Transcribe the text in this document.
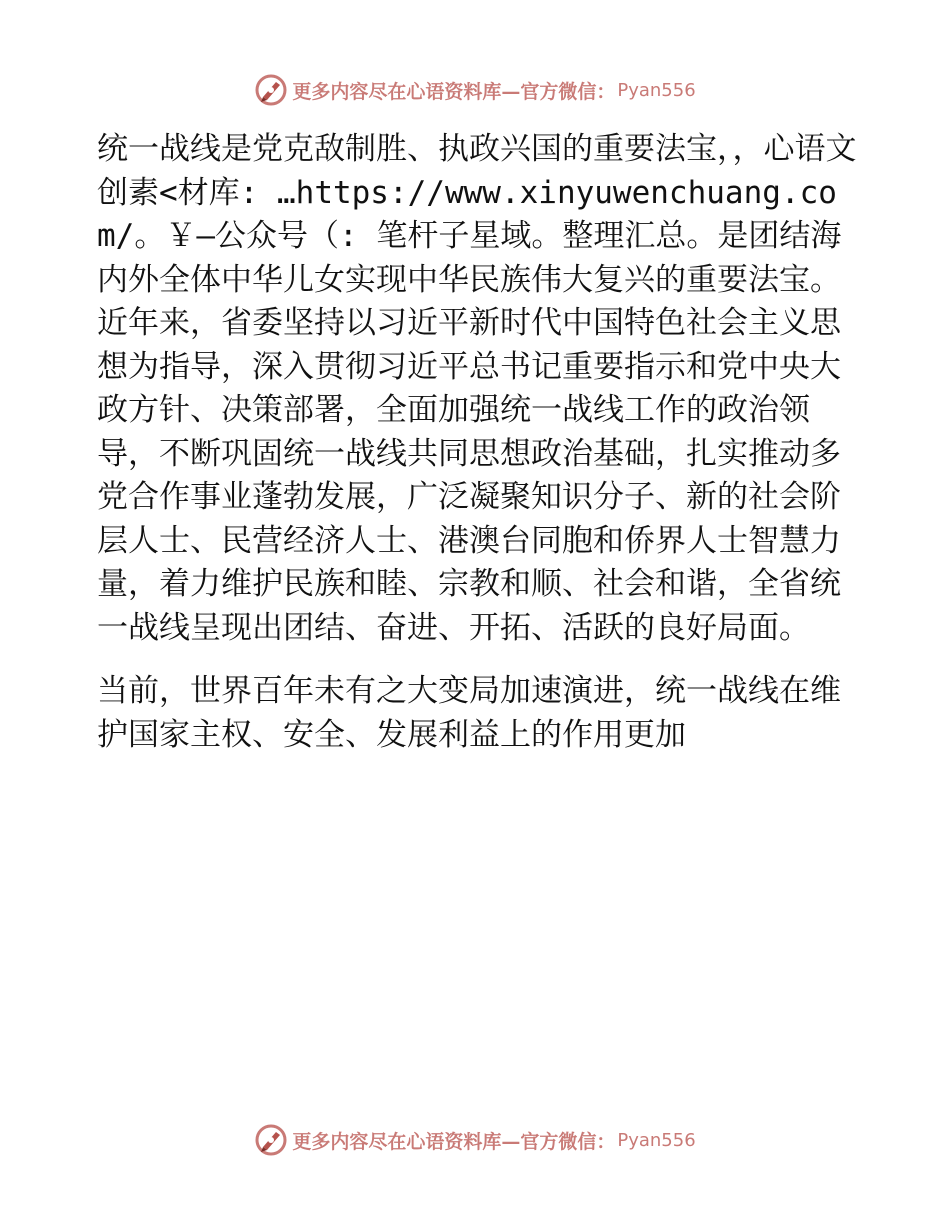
更多内容尽在心语资料库—官方微信： Pyan556

统一战线是党克敌制胜、执政兴国的重要法宝，，心语文创素<材库: …https://www.xinyuwenchuang.com/。￥—公众号（: 笔杆子星域。整理汇总。是团结海内外全体中华儿女实现中华民族伟大复兴的重要法宝。近年来，省委坚持以习近平新时代中国特色社会主义思想为指导，深入贯彻习近平总书记重要指示和党中央大政方针、决策部署，全面加强统一战线工作的政治领导，不断巩固统一战线共同思想政治基础，扎实推动多党合作事业蓬勃发展，广泛凝聚知识分子、新的社会阶层人士、民营经济人士、港澳台同胞和侨界人士智慧力量，着力维护民族和睦、宗教和顺、社会和谐，全省统一战线呈现出团结、奋进、开拓、活跃的良好局面。

当前，世界百年未有之大变局加速演进，统一战线在维护国家主权、安全、发展利益上的作用更加

更多内容尽在心语资料库—官方微信： Pyan556
